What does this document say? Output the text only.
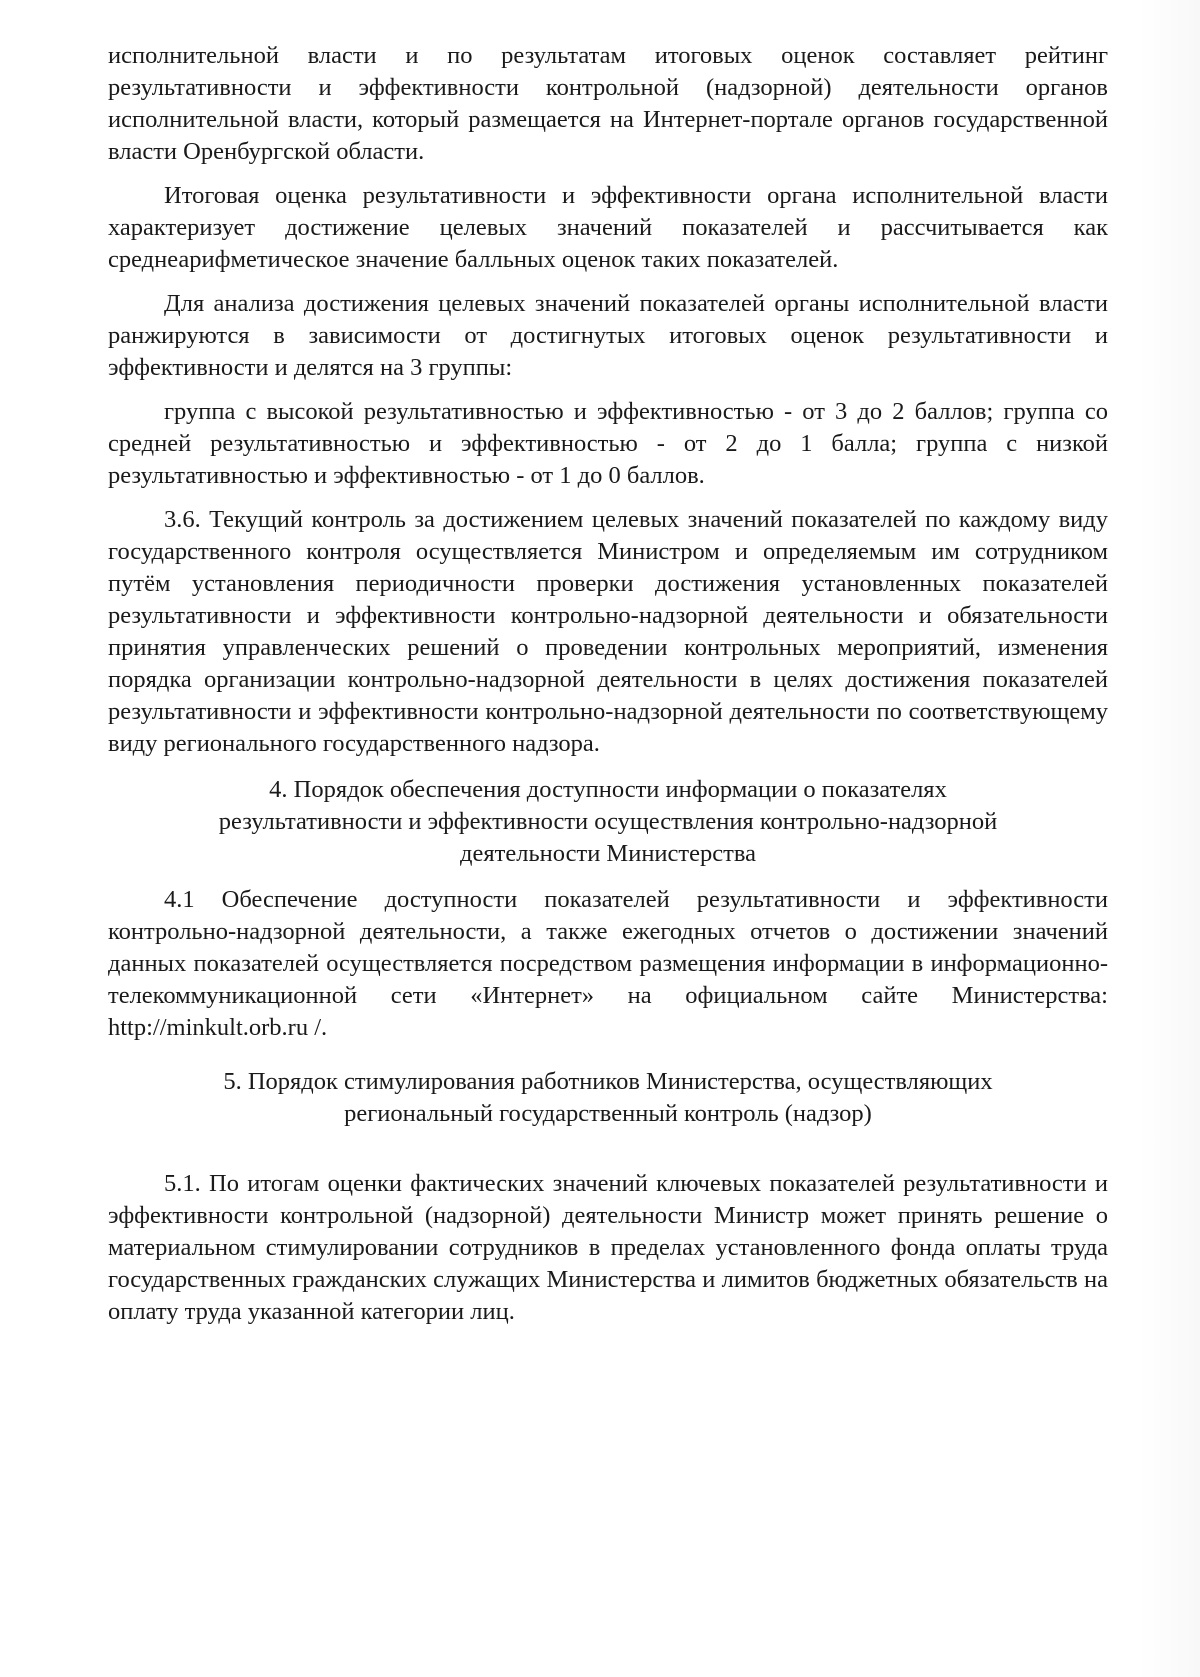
исполнительной власти и по результатам итоговых оценок составляет рейтинг результативности и эффективности контрольной (надзорной) деятельности органов исполнительной власти, который размещается на Интернет-портале органов государственной власти Оренбургской области.

Итоговая оценка результативности и эффективности органа исполнительной власти характеризует достижение целевых значений показателей и рассчитывается как среднеарифметическое значение балльных оценок таких показателей.

Для анализа достижения целевых значений показателей органы исполнительной власти ранжируются в зависимости от достигнутых итоговых оценок результативности и эффективности и делятся на 3 группы:

группа с высокой результативностью и эффективностью - от 3 до 2 баллов; группа со средней результативностью и эффективностью - от 2 до 1 балла; группа с низкой результативностью и эффективностью - от 1 до 0 баллов.

3.6. Текущий контроль за достижением целевых значений показателей по каждому виду государственного контроля осуществляется Министром и определяемым им сотрудником путём установления периодичности проверки достижения установленных показателей результативности и эффективности контрольно-надзорной деятельности и обязательности принятия управленческих решений о проведении контрольных мероприятий, изменения порядка организации контрольно-надзорной деятельности в целях достижения показателей результативности и эффективности контрольно-надзорной деятельности по соответствующему виду регионального государственного надзора.

4. Порядок обеспечения доступности информации о показателях
результативности и эффективности осуществления контрольно-надзорной
деятельности Министерства

4.1 Обеспечение доступности показателей результативности и эффективности контрольно-надзорной деятельности, а также ежегодных отчетов о достижении значений данных показателей осуществляется посредством размещения информации в информационно-телекоммуникационной сети «Интернет» на официальном сайте Министерства: http://minkult.orb.ru /.

5. Порядок стимулирования работников Министерства, осуществляющих
региональный государственный контроль (надзор)

5.1. По итогам оценки фактических значений ключевых показателей результативности и эффективности контрольной (надзорной) деятельности Министр может принять решение о материальном стимулировании сотрудников в пределах установленного фонда оплаты труда государственных гражданских служащих Министерства и лимитов бюджетных обязательств на оплату труда указанной категории лиц.
